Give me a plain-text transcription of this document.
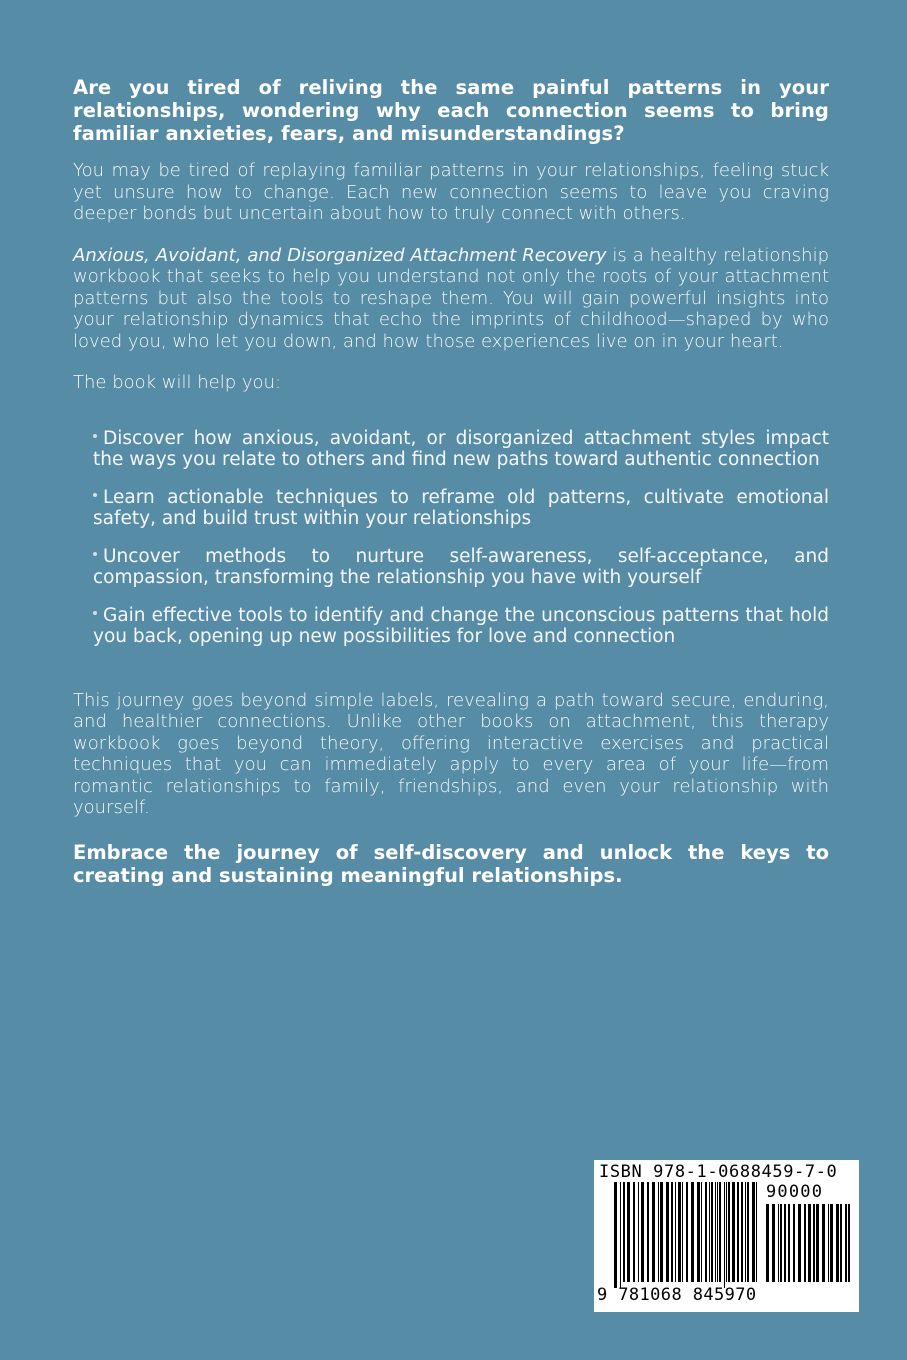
Are you tired of reliving the same painful patterns in your relationships, wondering why each connection seems to bring familiar anxieties, fears, and misunderstandings?

You may be tired of replaying familiar patterns in your relationships, feeling stuck yet unsure how to change. Each new connection seems to leave you craving deeper bonds but uncertain about how to truly connect with others.

Anxious, Avoidant, and Disorganized Attachment Recovery is a healthy relationship workbook that seeks to help you understand not only the roots of your attachment patterns but also the tools to reshape them. You will gain powerful insights into your relationship dynamics that echo the imprints of childhood—shaped by who loved you, who let you down, and how those experiences live on in your heart.

The book will help you:

Discover how anxious, avoidant, or disorganized attachment styles impact the ways you relate to others and find new paths toward authentic connection
Learn actionable techniques to reframe old patterns, cultivate emotional safety, and build trust within your relationships
Uncover methods to nurture self-awareness, self-acceptance, and compassion, transforming the relationship you have with yourself
Gain effective tools to identify and change the unconscious patterns that hold you back, opening up new possibilities for love and connection

This journey goes beyond simple labels, revealing a path toward secure, enduring, and healthier connections. Unlike other books on attachment, this therapy workbook goes beyond theory, offering interactive exercises and practical techniques that you can immediately apply to every area of your life—from romantic relationships to family, friendships, and even your relationship with yourself.

Embrace the journey of self-discovery and unlock the keys to creating and sustaining meaningful relationships.

ISBN 978-1-0688459-7-0
90000
9 781068 845970
